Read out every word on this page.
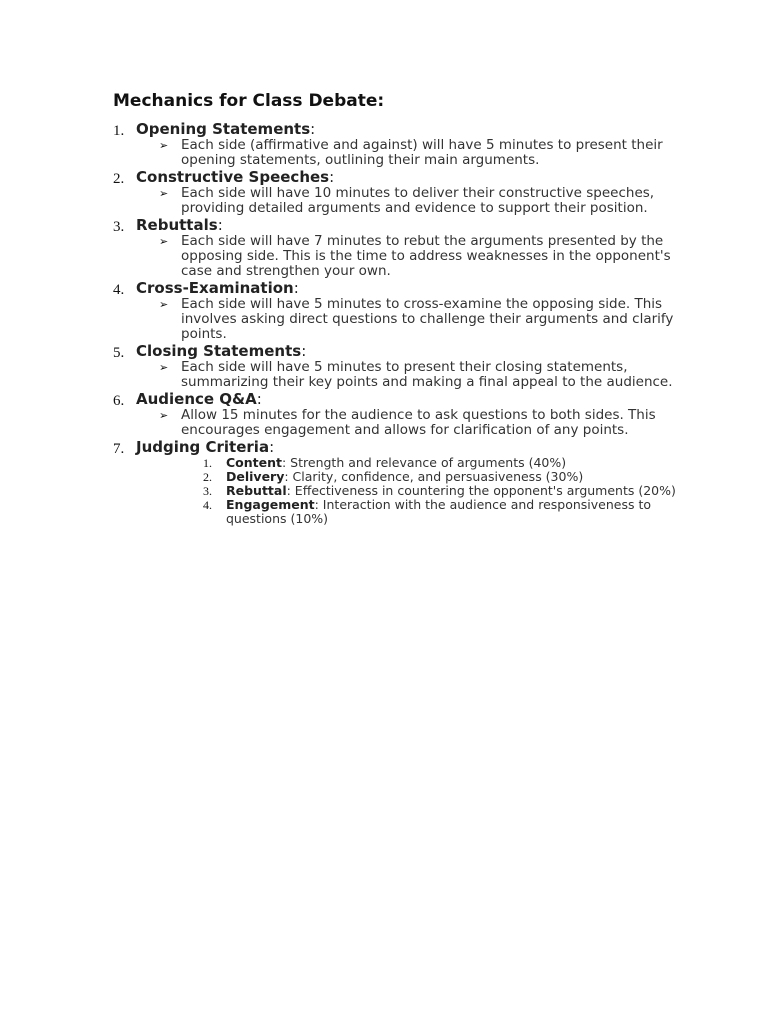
Mechanics for Class Debate:
1. Opening Statements:
➢ Each side (affirmative and against) will have 5 minutes to present their opening statements, outlining their main arguments.
2. Constructive Speeches:
➢ Each side will have 10 minutes to deliver their constructive speeches, providing detailed arguments and evidence to support their position.
3. Rebuttals:
➢ Each side will have 7 minutes to rebut the arguments presented by the opposing side. This is the time to address weaknesses in the opponent's case and strengthen your own.
4. Cross-Examination:
➢ Each side will have 5 minutes to cross-examine the opposing side. This involves asking direct questions to challenge their arguments and clarify points.
5. Closing Statements:
➢ Each side will have 5 minutes to present their closing statements, summarizing their key points and making a final appeal to the audience.
6. Audience Q&A:
➢ Allow 15 minutes for the audience to ask questions to both sides. This encourages engagement and allows for clarification of any points.
7. Judging Criteria:
1. Content: Strength and relevance of arguments (40%)
2. Delivery: Clarity, confidence, and persuasiveness (30%)
3. Rebuttal: Effectiveness in countering the opponent's arguments (20%)
4. Engagement: Interaction with the audience and responsiveness to questions (10%)
